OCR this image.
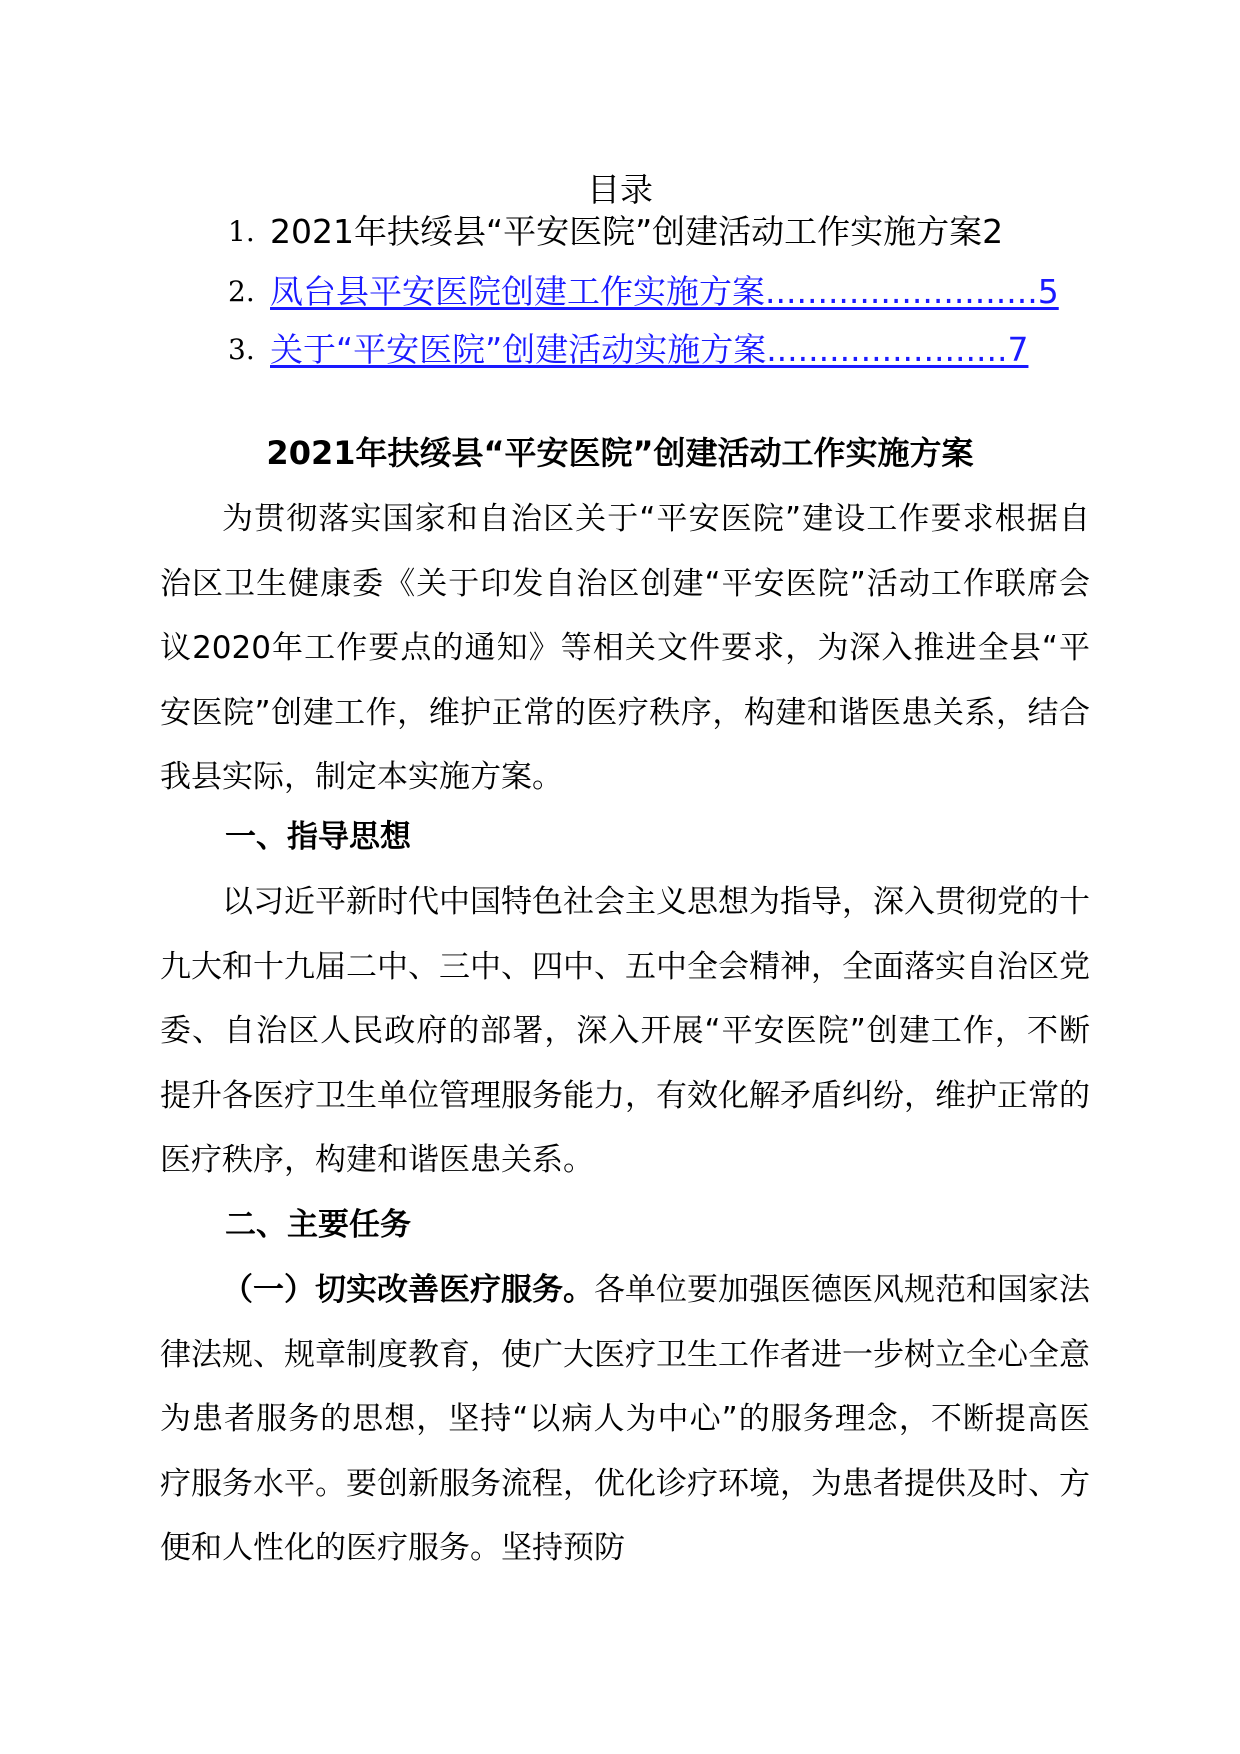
目录
1. 2021年扶绥县“平安医院”创建活动工作实施方案2
2. 凤台县平安医院创建工作实施方案..........................5
3. 关于“平安医院”创建活动实施方案.......................7
2021年扶绥县“平安医院”创建活动工作实施方案

为贯彻落实国家和自治区关于“平安医院”建设工作要求根据自治区卫生健康委《关于印发自治区创建“平安医院”活动工作联席会议2020年工作要点的通知》等相关文件要求，为深入推进全县“平安医院”创建工作，维护正常的医疗秩序，构建和谐医患关系，结合我县实际，制定本实施方案。

一、指导思想

以习近平新时代中国特色社会主义思想为指导，深入贯彻党的十九大和十九届二中、三中、四中、五中全会精神，全面落实自治区党委、自治区人民政府的部署，深入开展“平安医院”创建工作，不断提升各医疗卫生单位管理服务能力，有效化解矛盾纠纷，维护正常的医疗秩序，构建和谐医患关系。

二、主要任务

（一）切实改善医疗服务。各单位要加强医德医风规范和国家法律法规、规章制度教育，使广大医疗卫生工作者进一步树立全心全意为患者服务的思想，坚持“以病人为中心”的服务理念，不断提高医疗服务水平。要创新服务流程，优化诊疗环境，为患者提供及时、方便和人性化的医疗服务。坚持预防
